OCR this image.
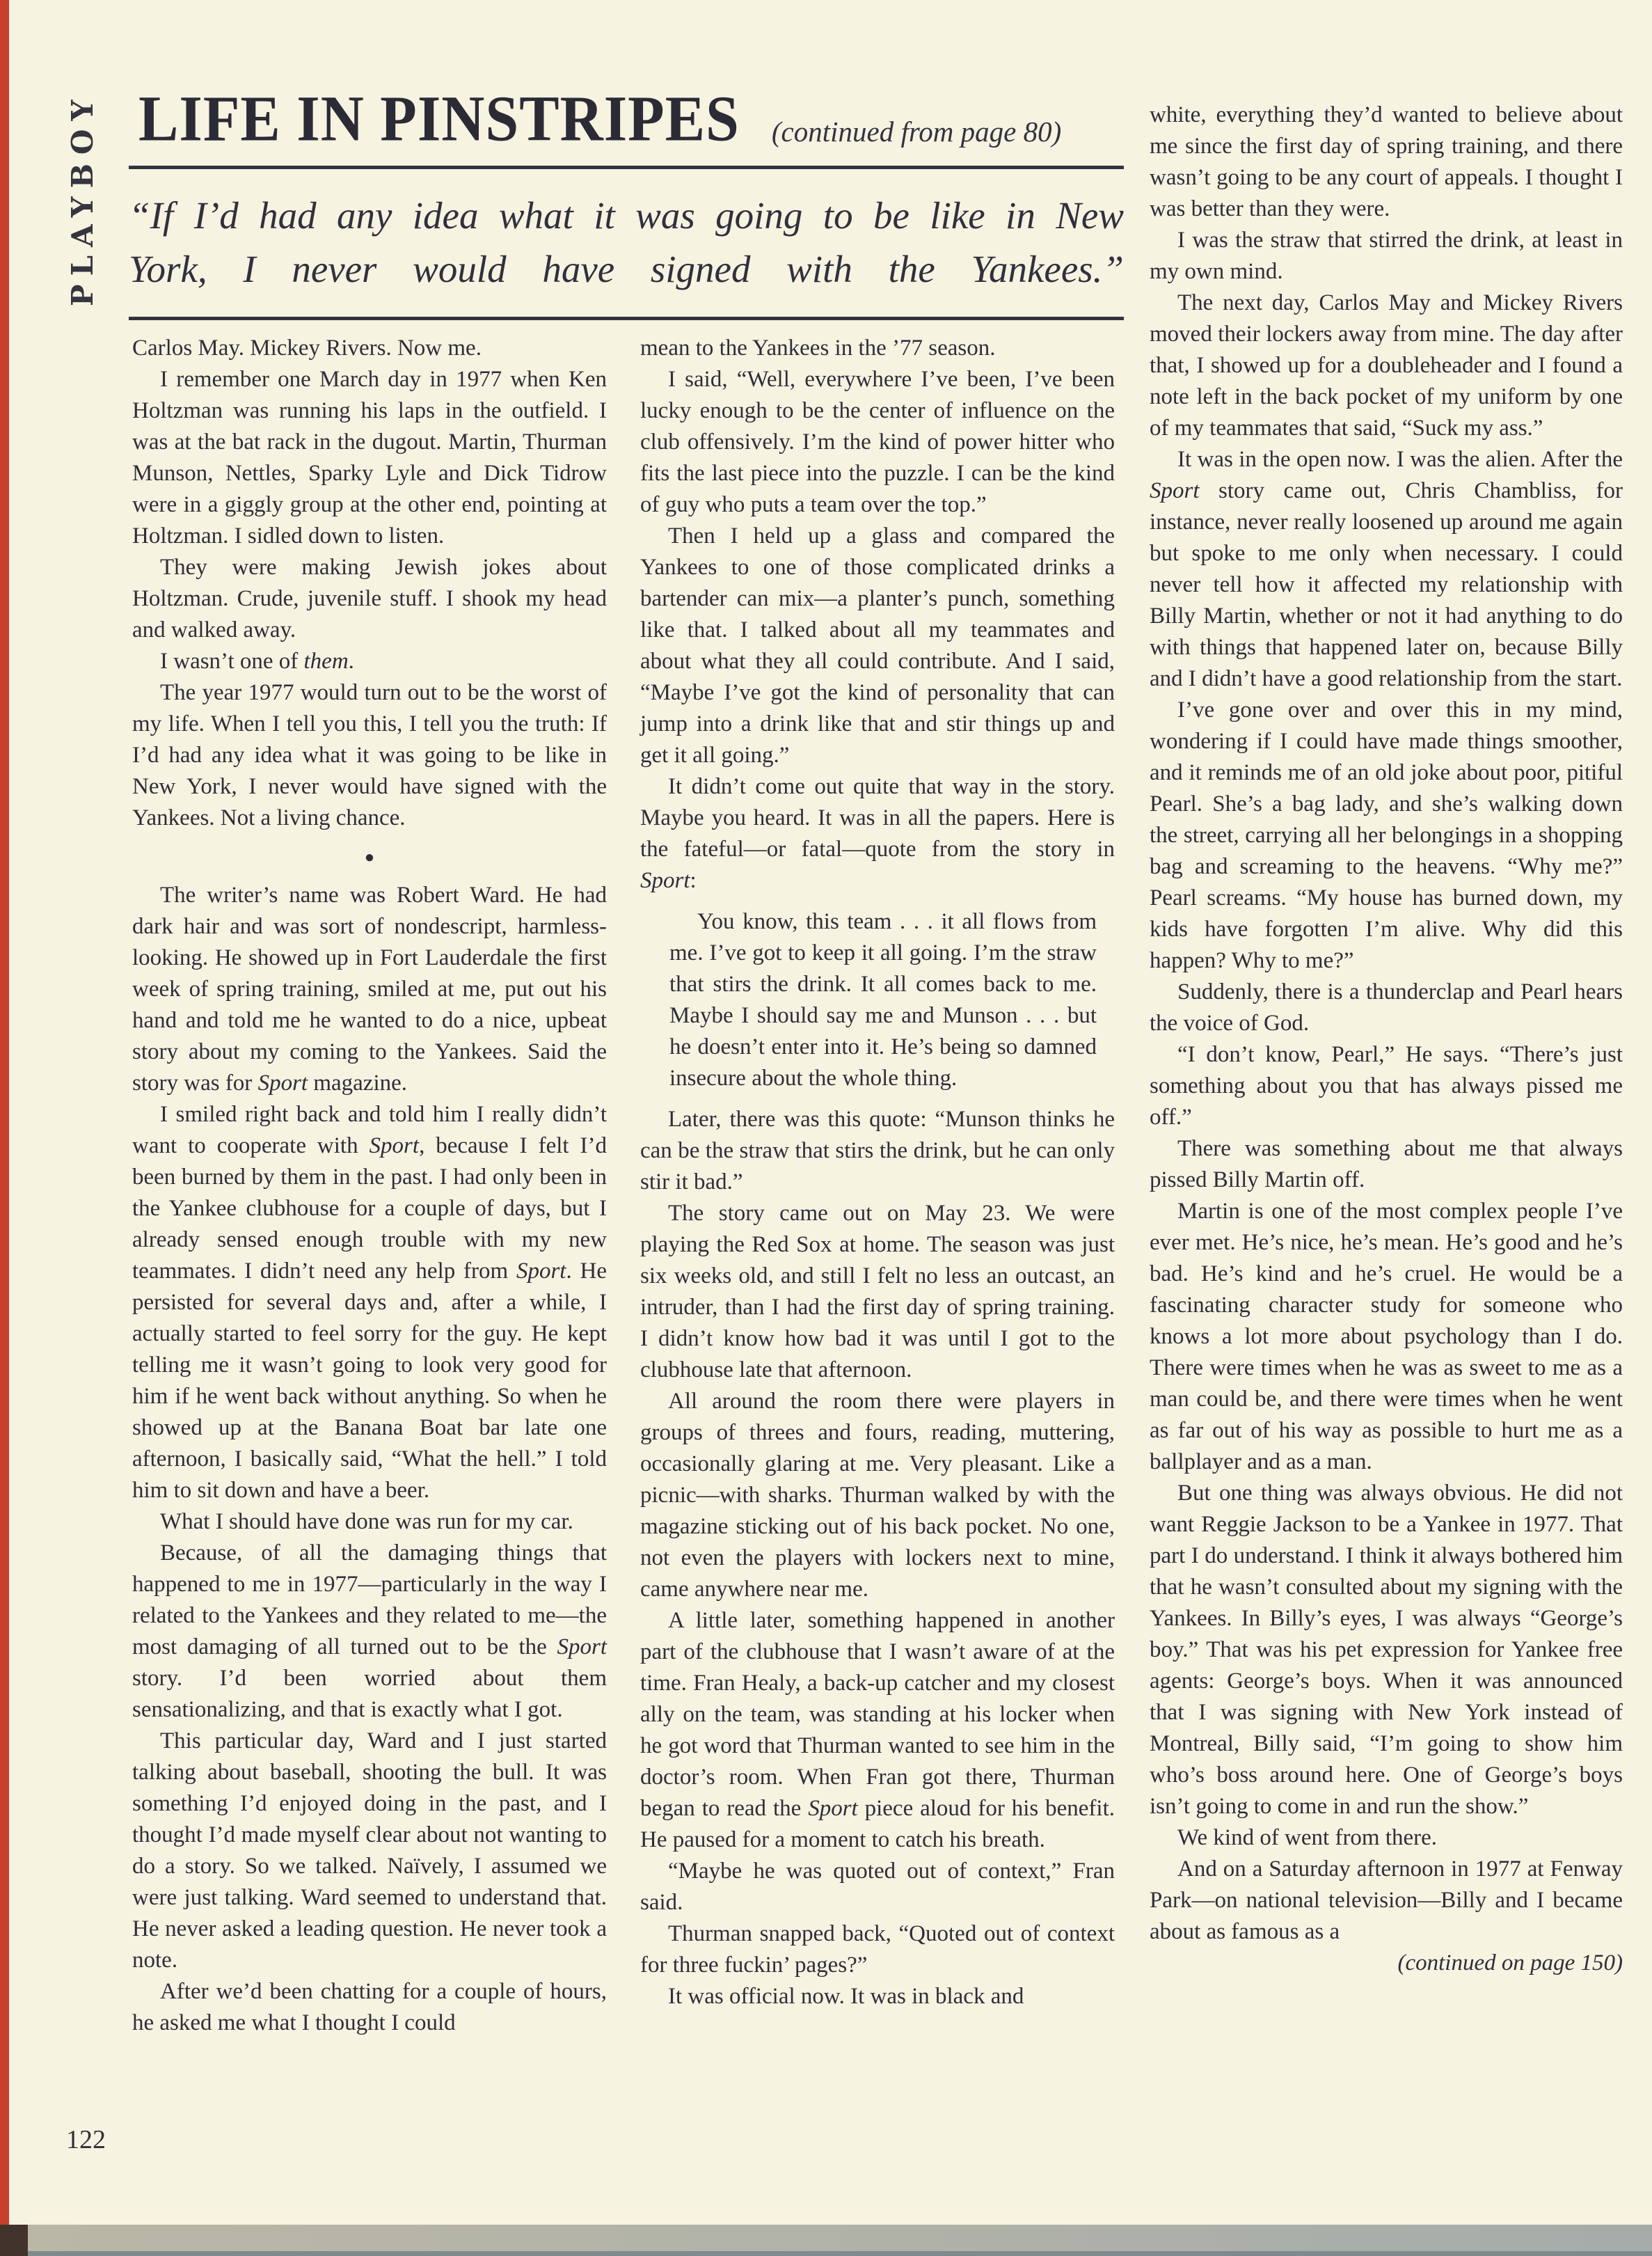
PLAYBOY LIFE IN PINSTRIPES (continued from page 80)
“If I’d had any idea what it was going to be like in New
York, I never would have signed with the Yankees.”

Carlos May. Mickey Rivers. Now me.

I remember one March day in 1977 when Ken Holtzman was running his laps in the outfield. I was at the bat rack in the dugout. Martin, Thurman Munson, Nettles, Sparky Lyle and Dick Tidrow were in a giggly group at the other end, pointing at Holtzman. I sidled down to listen.

They were making Jewish jokes about Holtzman. Crude, juvenile stuff. I shook my head and walked away.

I wasn’t one of them.

The year 1977 would turn out to be the worst of my life. When I tell you this, I tell you the truth: If I’d had any idea what it was going to be like in New York, I never would have signed with the Yankees. Not a living chance.

●

The writer’s name was Robert Ward. He had dark hair and was sort of nondescript, harmless-looking. He showed up in Fort Lauderdale the first week of spring training, smiled at me, put out his hand and told me he wanted to do a nice, upbeat story about my coming to the Yankees. Said the story was for Sport magazine.

I smiled right back and told him I really didn’t want to cooperate with Sport, because I felt I’d been burned by them in the past. I had only been in the Yankee clubhouse for a couple of days, but I already sensed enough trouble with my new teammates. I didn’t need any help from Sport. He persisted for several days and, after a while, I actually started to feel sorry for the guy. He kept telling me it wasn’t going to look very good for him if he went back without anything. So when he showed up at the Banana Boat bar late one afternoon, I basically said, “What the hell.” I told him to sit down and have a beer.

What I should have done was run for my car.

Because, of all the damaging things that happened to me in 1977—particularly in the way I related to the Yankees and they related to me—the most damaging of all turned out to be the Sport story. I’d been worried about them sensationalizing, and that is exactly what I got.

This particular day, Ward and I just started talking about baseball, shooting the bull. It was something I’d enjoyed doing in the past, and I thought I’d made myself clear about not wanting to do a story. So we talked. Naïvely, I assumed we were just talking. Ward seemed to understand that. He never asked a leading question. He never took a note.

After we’d been chatting for a couple of hours, he asked me what I thought I could

mean to the Yankees in the ’77 season.

I said, “Well, everywhere I’ve been, I’ve been lucky enough to be the center of influence on the club offensively. I’m the kind of power hitter who fits the last piece into the puzzle. I can be the kind of guy who puts a team over the top.”

Then I held up a glass and compared the Yankees to one of those complicated drinks a bartender can mix—a planter’s punch, something like that. I talked about all my teammates and about what they all could contribute. And I said, “Maybe I’ve got the kind of personality that can jump into a drink like that and stir things up and get it all going.”

It didn’t come out quite that way in the story. Maybe you heard. It was in all the papers. Here is the fateful—or fatal—quote from the story in Sport:

You know, this team . . . it all flows from me. I’ve got to keep it all going. I’m the straw that stirs the drink. It all comes back to me. Maybe I should say me and Munson . . . but he doesn’t enter into it. He’s being so damned insecure about the whole thing.

Later, there was this quote: “Munson thinks he can be the straw that stirs the drink, but he can only stir it bad.”

The story came out on May 23. We were playing the Red Sox at home. The season was just six weeks old, and still I felt no less an outcast, an intruder, than I had the first day of spring training. I didn’t know how bad it was until I got to the clubhouse late that afternoon.

All around the room there were players in groups of threes and fours, reading, muttering, occasionally glaring at me. Very pleasant. Like a picnic—with sharks. Thurman walked by with the magazine sticking out of his back pocket. No one, not even the players with lockers next to mine, came anywhere near me.

A little later, something happened in another part of the clubhouse that I wasn’t aware of at the time. Fran Healy, a back-up catcher and my closest ally on the team, was standing at his locker when he got word that Thurman wanted to see him in the doctor’s room. When Fran got there, Thurman began to read the Sport piece aloud for his benefit. He paused for a moment to catch his breath.

“Maybe he was quoted out of context,” Fran said.

Thurman snapped back, “Quoted out of context for three fuckin’ pages?”

It was official now. It was in black and

white, everything they’d wanted to believe about me since the first day of spring training, and there wasn’t going to be any court of appeals. I thought I was better than they were.

I was the straw that stirred the drink, at least in my own mind.

The next day, Carlos May and Mickey Rivers moved their lockers away from mine. The day after that, I showed up for a doubleheader and I found a note left in the back pocket of my uniform by one of my teammates that said, “Suck my ass.”

It was in the open now. I was the alien. After the Sport story came out, Chris Chambliss, for instance, never really loosened up around me again but spoke to me only when necessary. I could never tell how it affected my relationship with Billy Martin, whether or not it had anything to do with things that happened later on, because Billy and I didn’t have a good relationship from the start.

I’ve gone over and over this in my mind, wondering if I could have made things smoother, and it reminds me of an old joke about poor, pitiful Pearl. She’s a bag lady, and she’s walking down the street, carrying all her belongings in a shopping bag and screaming to the heavens. “Why me?” Pearl screams. “My house has burned down, my kids have forgotten I’m alive. Why did this happen? Why to me?”

Suddenly, there is a thunderclap and Pearl hears the voice of God.

“I don’t know, Pearl,” He says. “There’s just something about you that has always pissed me off.”

There was something about me that always pissed Billy Martin off.

Martin is one of the most complex people I’ve ever met. He’s nice, he’s mean. He’s good and he’s bad. He’s kind and he’s cruel. He would be a fascinating character study for someone who knows a lot more about psychology than I do. There were times when he was as sweet to me as a man could be, and there were times when he went as far out of his way as possible to hurt me as a ballplayer and as a man.

But one thing was always obvious. He did not want Reggie Jackson to be a Yankee in 1977. That part I do understand. I think it always bothered him that he wasn’t consulted about my signing with the Yankees. In Billy’s eyes, I was always “George’s boy.” That was his pet expression for Yankee free agents: George’s boys. When it was announced that I was signing with New York instead of Montreal, Billy said, “I’m going to show him who’s boss around here. One of George’s boys isn’t going to come in and run the show.”

We kind of went from there.

And on a Saturday afternoon in 1977 at Fenway Park—on national television—Billy and I became about as famous as a

(continued on page 150)

122
